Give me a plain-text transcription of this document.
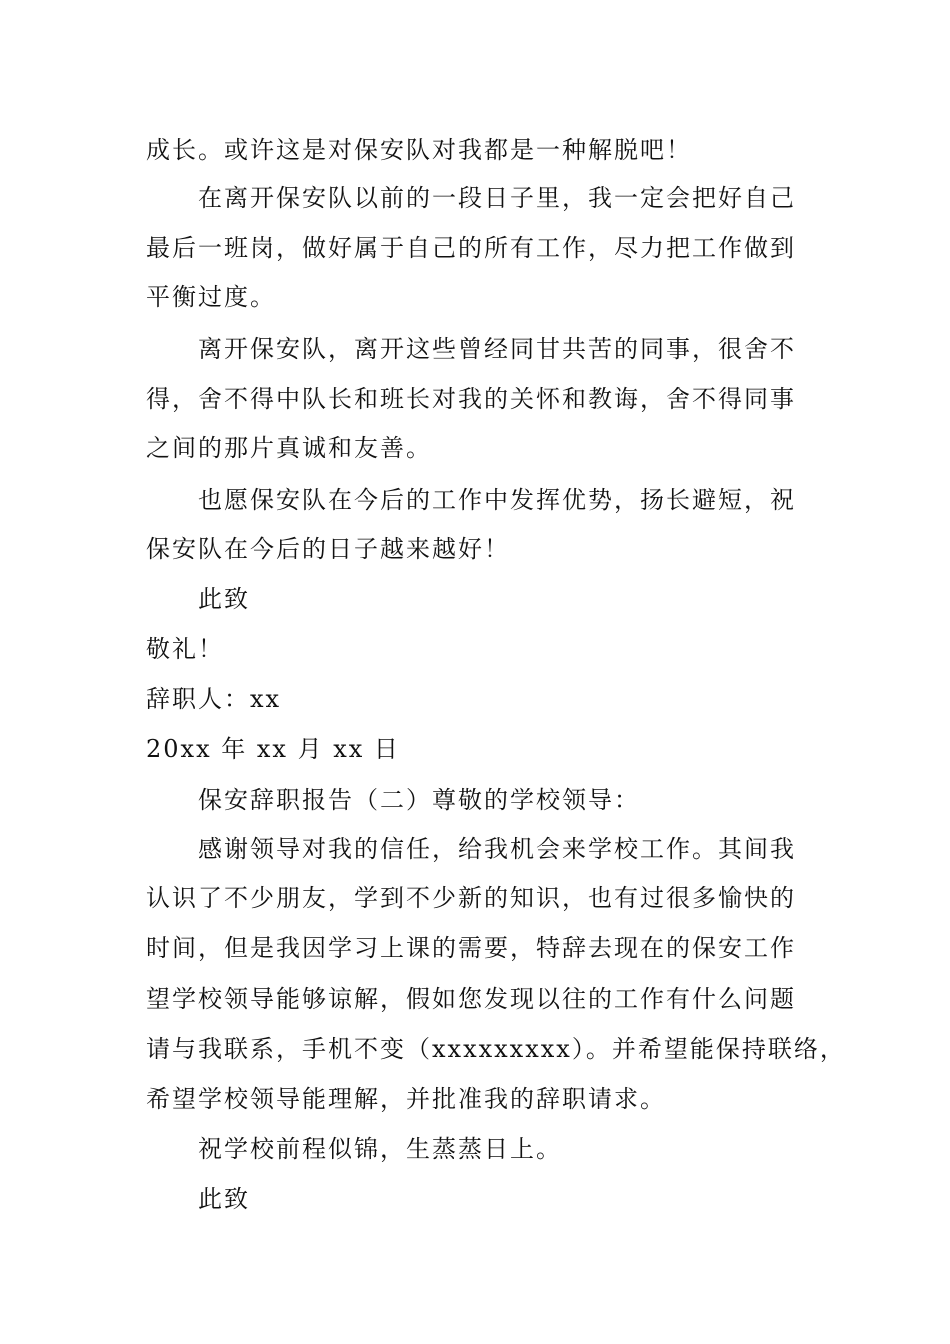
成长。或许这是对保安队对我都是一种解脱吧！
在离开保安队以前的一段日子里，我一定会把好自己
最后一班岗，做好属于自己的所有工作，尽力把工作做到
平衡过度。
离开保安队，离开这些曾经同甘共苦的同事，很舍不
得，舍不得中队长和班长对我的关怀和教诲，舍不得同事
之间的那片真诚和友善。
也愿保安队在今后的工作中发挥优势，扬长避短，祝
保安队在今后的日子越来越好！
此致
敬礼！
辞职人：xx
20xx 年 xx 月 xx 日
保安辞职报告（二）尊敬的学校领导：
感谢领导对我的信任，给我机会来学校工作。其间我
认识了不少朋友，学到不少新的知识，也有过很多愉快的
时间，但是我因学习上课的需要，特辞去现在的保安工作
望学校领导能够谅解，假如您发现以往的工作有什么问题
请与我联系，手机不变（xxxxxxxxx）。并希望能保持联络，
希望学校领导能理解，并批准我的辞职请求。
祝学校前程似锦，生蒸蒸日上。
此致
